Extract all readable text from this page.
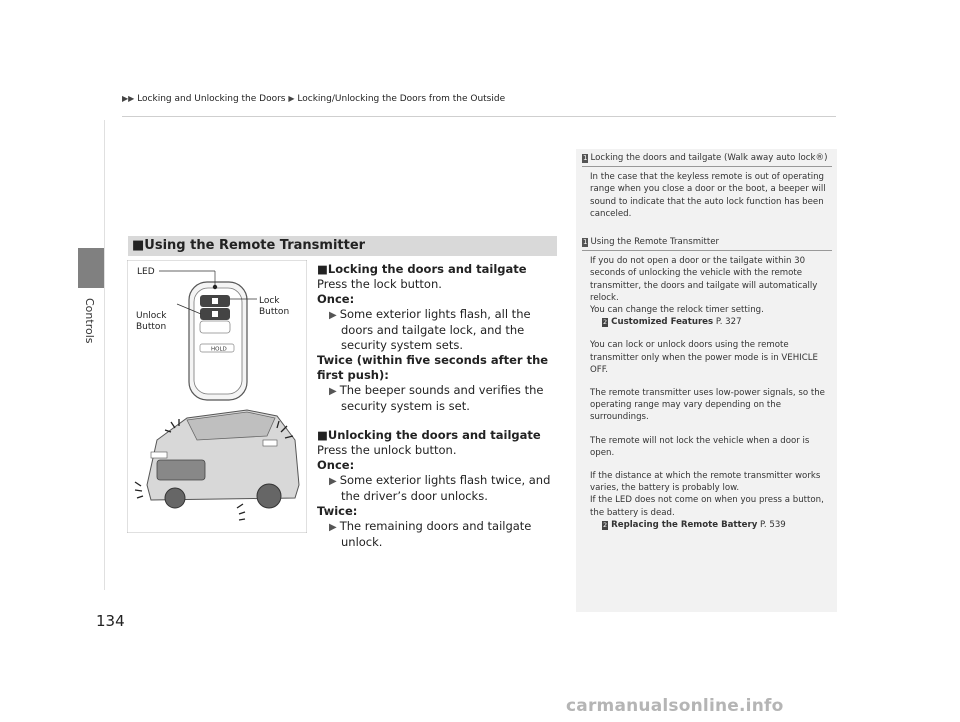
Controls
▶▶ Locking and Unlocking the Doors ▶ Locking/Unlocking the Doors from the Outside
134
■Using the Remote Transmitter
HOLD
LED
Unlock
Button
Lock
Button
■Locking the doors and tailgate

Press the lock button.

Once:

▶ Some exterior lights flash, all the doors and tailgate lock, and the security system sets.

Twice (within five seconds after the first push):

▶ The beeper sounds and verifies the security system is set.

■Unlocking the doors and tailgate

Press the unlock button.

Once:

▶ Some exterior lights flash twice, and the driver’s door unlocks.

Twice:

▶ The remaining doors and tailgate unlock.

1 Locking the doors and tailgate (Walk away auto lock®)

In the case that the keyless remote is out of operating range when you close a door or the boot, a beeper will sound to indicate that the auto lock function has been canceled.

1 Using the Remote Transmitter

If you do not open a door or the tailgate within 30 seconds of unlocking the vehicle with the remote transmitter, the doors and tailgate will automatically relock.

You can change the relock timer setting.

2 Customized Features P. 327

You can lock or unlock doors using the remote transmitter only when the power mode is in VEHICLE OFF.

The remote transmitter uses low-power signals, so the operating range may vary depending on the surroundings.

The remote will not lock the vehicle when a door is open.

If the distance at which the remote transmitter works varies, the battery is probably low.

If the LED does not come on when you press a button, the battery is dead.

2 Replacing the Remote Battery P. 539
carmanualsonline.info
